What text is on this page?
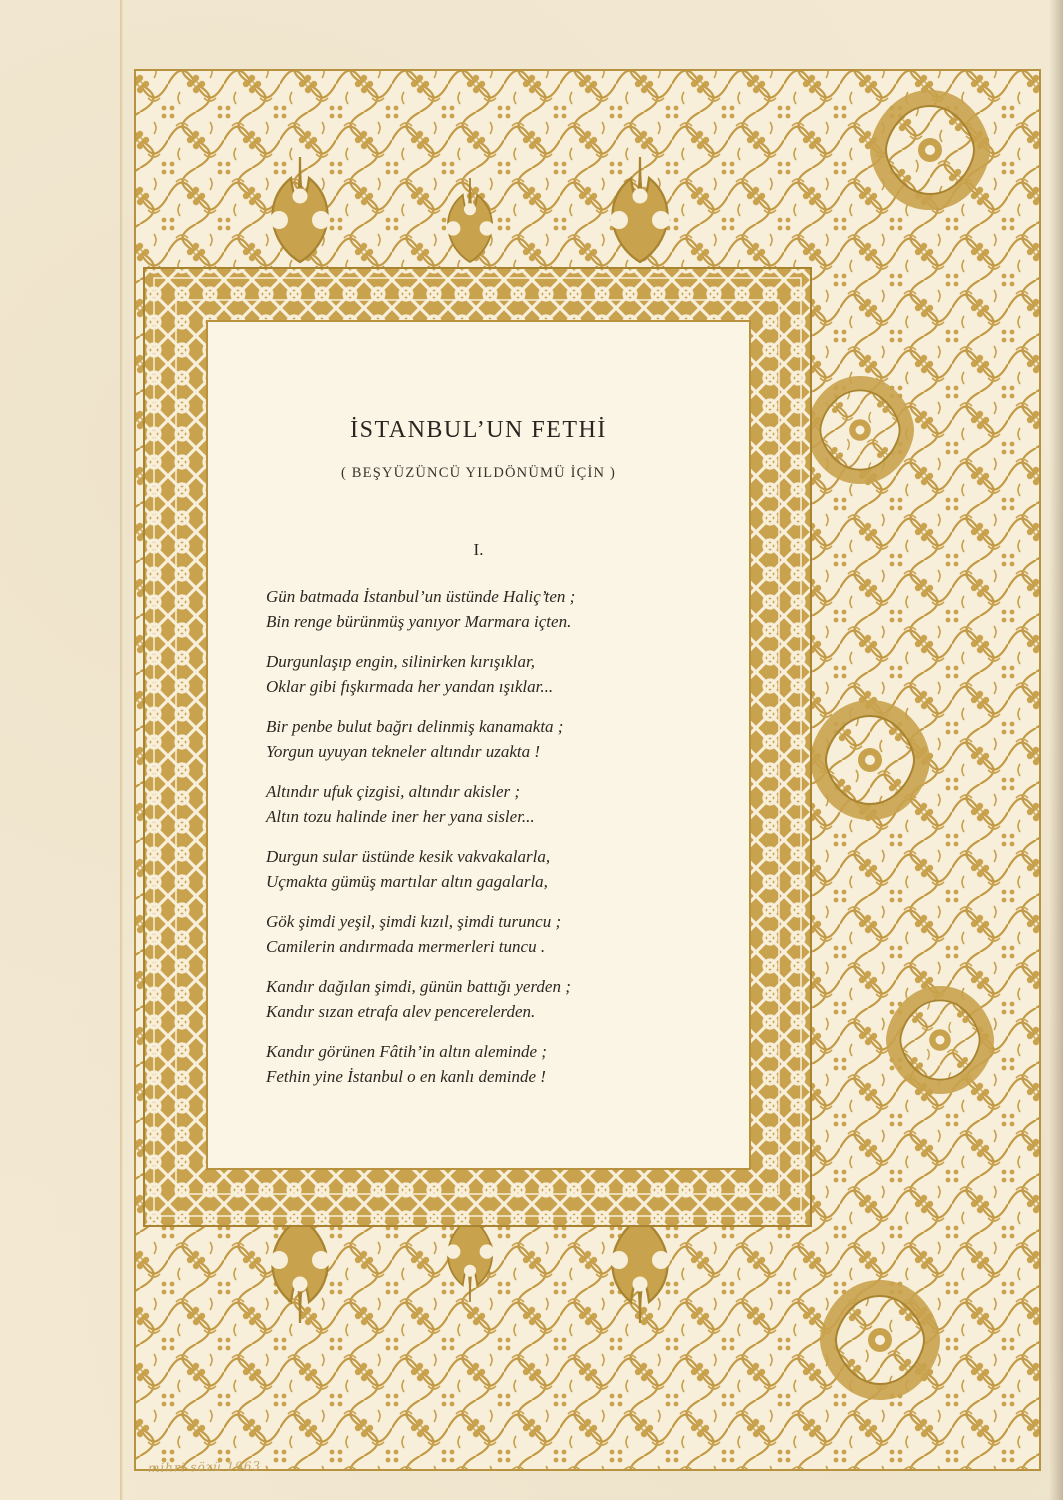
İSTANBUL’UN FETHİ
( BEŞYÜZÜNCÜ YILDÖNÜMÜ İÇİN )
I.
Gün batmada İstanbul’un üstünde Haliç’ten ;
Bin renge bürünmüş yanıyor Marmara içten.
Durgunlaşıp engin, silinirken kırışıklar,
Oklar gibi fışkırmada her yandan ışıklar...
Bir penbe bulut bağrı delinmiş kanamakta ;
Yorgun uyuyan tekneler altındır uzakta !
Altındır ufuk çizgisi, altındır akisler ;
Altın tozu halinde iner her yana sisler...
Durgun sular üstünde kesik vakvakalarla,
Uçmakta gümüş martılar altın gagalarla,
Gök şimdi yeşil, şimdi kızıl, şimdi turuncu ;
Camilerin andırmada mermerleri tuncu .
Kandır dağılan şimdi, günün battığı yerden ;
Kandır sızan etrafa alev pencerelerden.
Kandır görünen Fâtih’in altın aleminde ;
Fethin yine İstanbul o en kanlı deminde !
mihri sözü 1963
